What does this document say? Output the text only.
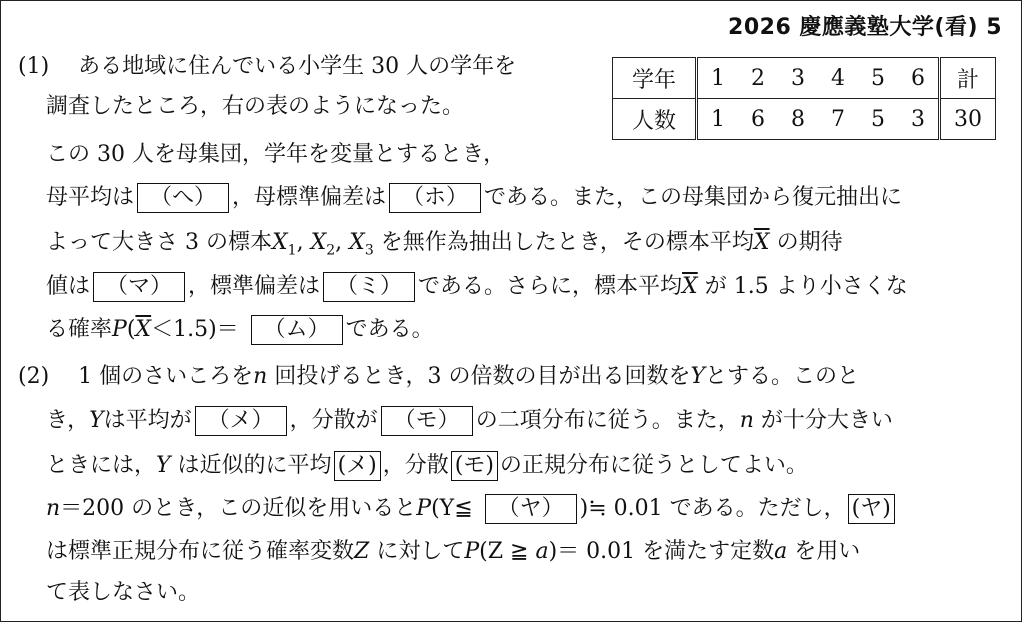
2026 慶應義塾大学(看) 5
学年	1	2	3	4	5	6	計
人数	1	6	8	7	5	3	30
(1) ある地域に住んでいる小学生 30 人の学年を
調査したところ，右の表のようになった。
この 30 人を母集団，学年を変量とするとき，
母平均は （へ） ，母標準偏差は （ホ） である。また，この母集団から復元抽出に
よって大きさ 3 の標本$X_1$, $X_2$, $X_3$ を無作為抽出したとき，その標本平均$\overline{X}$ の期待
値は （マ） ，標準偏差は （ミ） である。さらに，標本平均$\overline{X}$ が 1.5 より小さくな
る確率$P(\overline{X}<1.5)=$ （ム） である。
(2) 1 個のさいころをn 回投げるとき，3 の倍数の目が出る回数をYとする。このと
き，Yは平均が （メ） ，分散が （モ） の二項分布に従う。また，n が十分大きい
ときには，Y は近似的に平均 (メ) ，分散 (モ) の正規分布に従うとしてよい。
n＝200 のとき，この近似を用いるとP(Y≦ （ヤ） )≒ 0.01 である。ただし， (ヤ)
は標準正規分布に従う確率変数Z に対してP(Z ≧ a)＝ 0.01 を満たす定数a を用い
て表しなさい。
